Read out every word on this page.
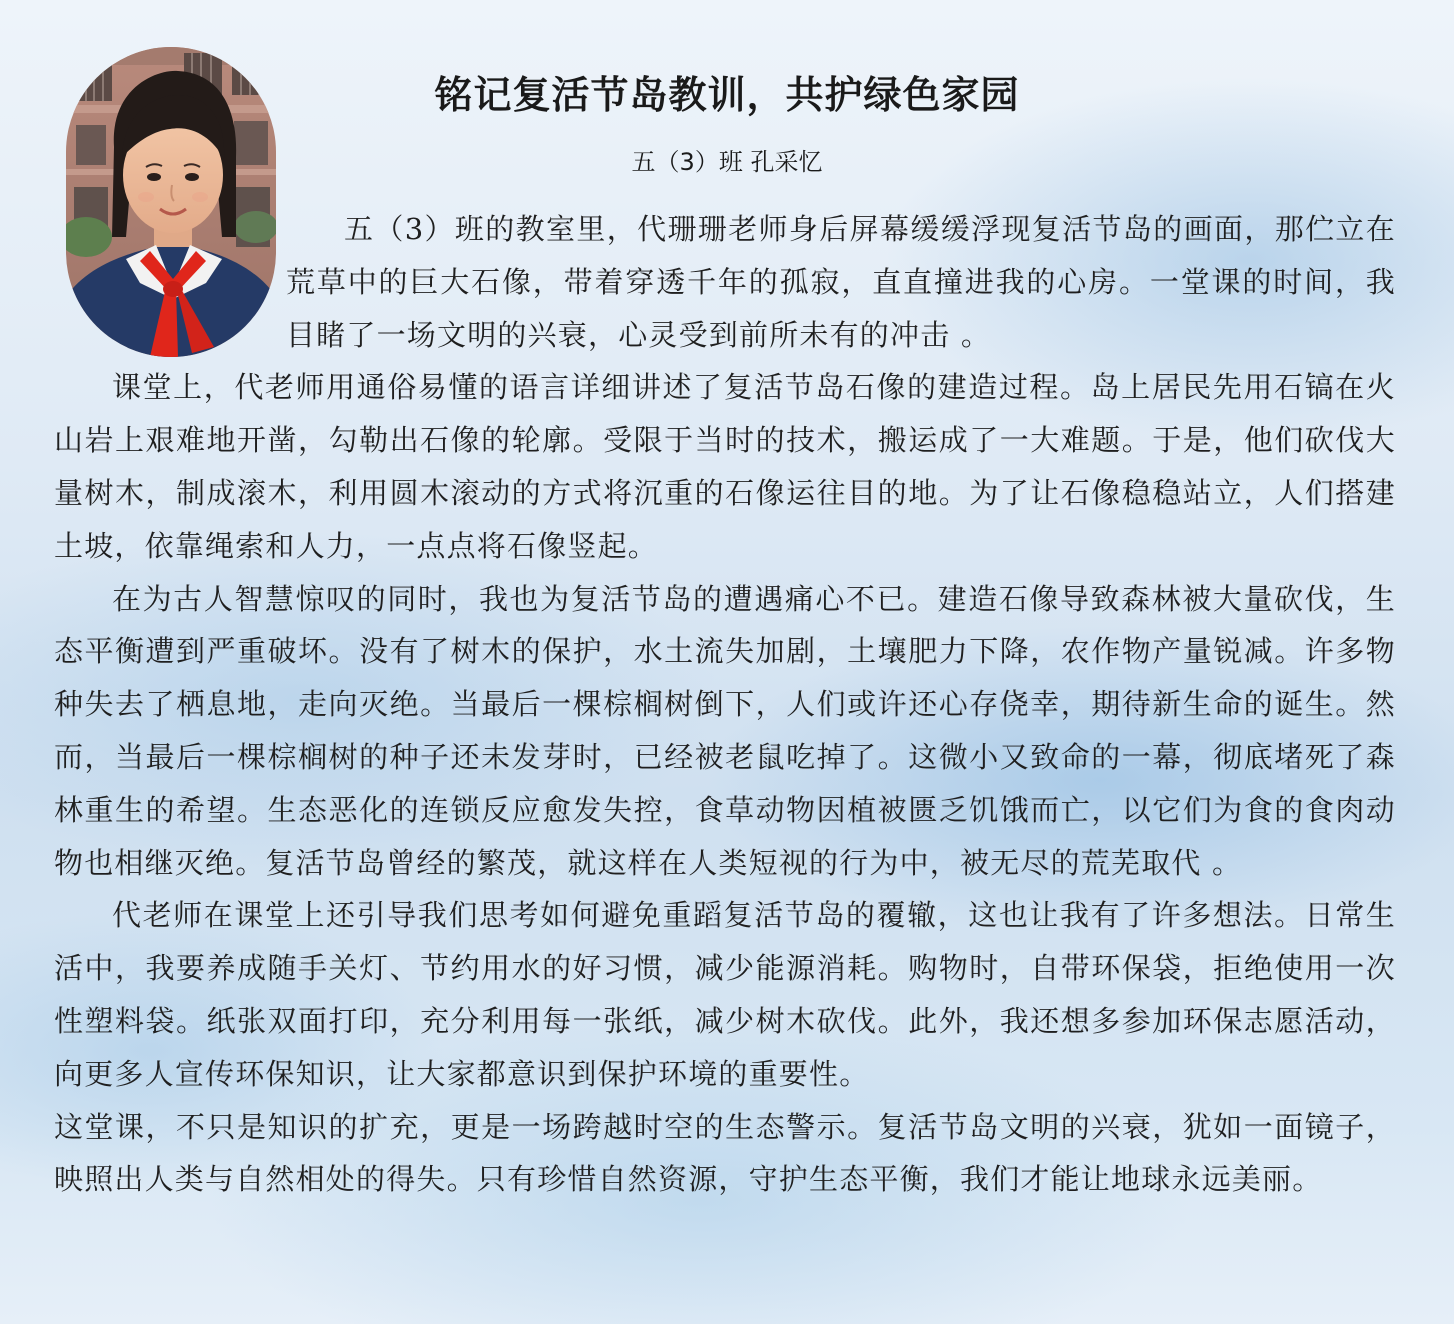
铭记复活节岛教训，共护绿色家园
五（3）班 孔采忆

五（3）班的教室里，代珊珊老师身后屏幕缓缓浮现复活节岛的画面，那伫立在荒草中的巨大石像，带着穿透千年的孤寂，直直撞进我的心房。一堂课的时间，我目睹了一场文明的兴衰，心灵受到前所未有的冲击 。

课堂上，代老师用通俗易懂的语言详细讲述了复活节岛石像的建造过程。岛上居民先用石镐在火山岩上艰难地开凿，勾勒出石像的轮廓。受限于当时的技术，搬运成了一大难题。于是，他们砍伐大量树木，制成滚木，利用圆木滚动的方式将沉重的石像运往目的地。为了让石像稳稳站立，人们搭建土坡，依靠绳索和人力，一点点将石像竖起。

在为古人智慧惊叹的同时，我也为复活节岛的遭遇痛心不已。建造石像导致森林被大量砍伐，生态平衡遭到严重破坏。没有了树木的保护，水土流失加剧，土壤肥力下降，农作物产量锐减。许多物种失去了栖息地，走向灭绝。当最后一棵棕榈树倒下，人们或许还心存侥幸，期待新生命的诞生。然而，当最后一棵棕榈树的种子还未发芽时，已经被老鼠吃掉了。这微小又致命的一幕，彻底堵死了森林重生的希望。生态恶化的连锁反应愈发失控，食草动物因植被匮乏饥饿而亡，以它们为食的食肉动物也相继灭绝。复活节岛曾经的繁茂，就这样在人类短视的行为中，被无尽的荒芜取代 。

代老师在课堂上还引导我们思考如何避免重蹈复活节岛的覆辙，这也让我有了许多想法。日常生活中，我要养成随手关灯、节约用水的好习惯，减少能源消耗。购物时，自带环保袋，拒绝使用一次性塑料袋。纸张双面打印，充分利用每一张纸，减少树木砍伐。此外，我还想多参加环保志愿活动，向更多人宣传环保知识，让大家都意识到保护环境的重要性。

这堂课，不只是知识的扩充，更是一场跨越时空的生态警示。复活节岛文明的兴衰，犹如一面镜子，映照出人类与自然相处的得失。只有珍惜自然资源，守护生态平衡，我们才能让地球永远美丽。
